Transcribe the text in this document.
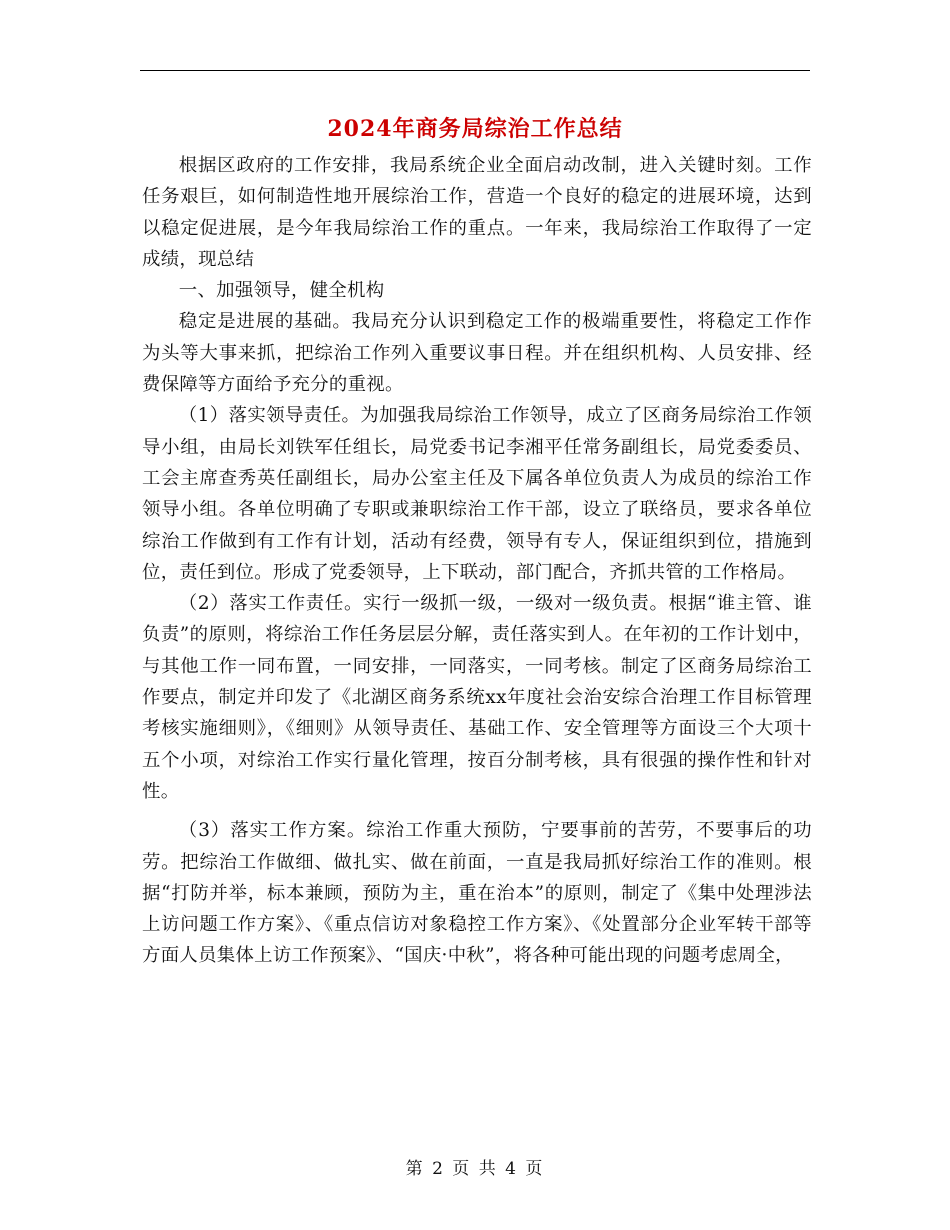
2024年商务局综治工作总结

根据区政府的工作安排，我局系统企业全面启动改制，进入关键时刻。工作任务艰巨，如何制造性地开展综治工作，营造一个良好的稳定的进展环境，达到以稳定促进展，是今年我局综治工作的重点。一年来，我局综治工作取得了一定成绩，现总结

一、加强领导，健全机构

稳定是进展的基础。我局充分认识到稳定工作的极端重要性，将稳定工作作为头等大事来抓，把综治工作列入重要议事日程。并在组织机构、人员安排、经费保障等方面给予充分的重视。

（1）落实领导责任。为加强我局综治工作领导，成立了区商务局综治工作领导小组，由局长刘铁军任组长，局党委书记李湘平任常务副组长，局党委委员、工会主席查秀英任副组长，局办公室主任及下属各单位负责人为成员的综治工作领导小组。各单位明确了专职或兼职综治工作干部，设立了联络员，要求各单位综治工作做到有工作有计划，活动有经费，领导有专人，保证组织到位，措施到位，责任到位。形成了党委领导，上下联动，部门配合，齐抓共管的工作格局。

（2）落实工作责任。实行一级抓一级，一级对一级负责。根据“谁主管、谁负责”的原则，将综治工作任务层层分解，责任落实到人。在年初的工作计划中，与其他工作一同布置，一同安排，一同落实，一同考核。制定了区商务局综治工作要点，制定并印发了《北湖区商务系统xx年度社会治安综合治理工作目标管理考核实施细则》，《细则》从领导责任、基础工作、安全管理等方面设三个大项十五个小项，对综治工作实行量化管理，按百分制考核，具有很强的操作性和针对性。

（3）落实工作方案。综治工作重大预防，宁要事前的苦劳，不要事后的功劳。把综治工作做细、做扎实、做在前面，一直是我局抓好综治工作的准则。根据“打防并举，标本兼顾，预防为主，重在治本”的原则，制定了《集中处理涉法上访问题工作方案》、《重点信访对象稳控工作方案》、《处置部分企业军转干部等方面人员集体上访工作预案》、“国庆·中秋”，将各种可能出现的问题考虑周全，

第 2 页 共 4 页
